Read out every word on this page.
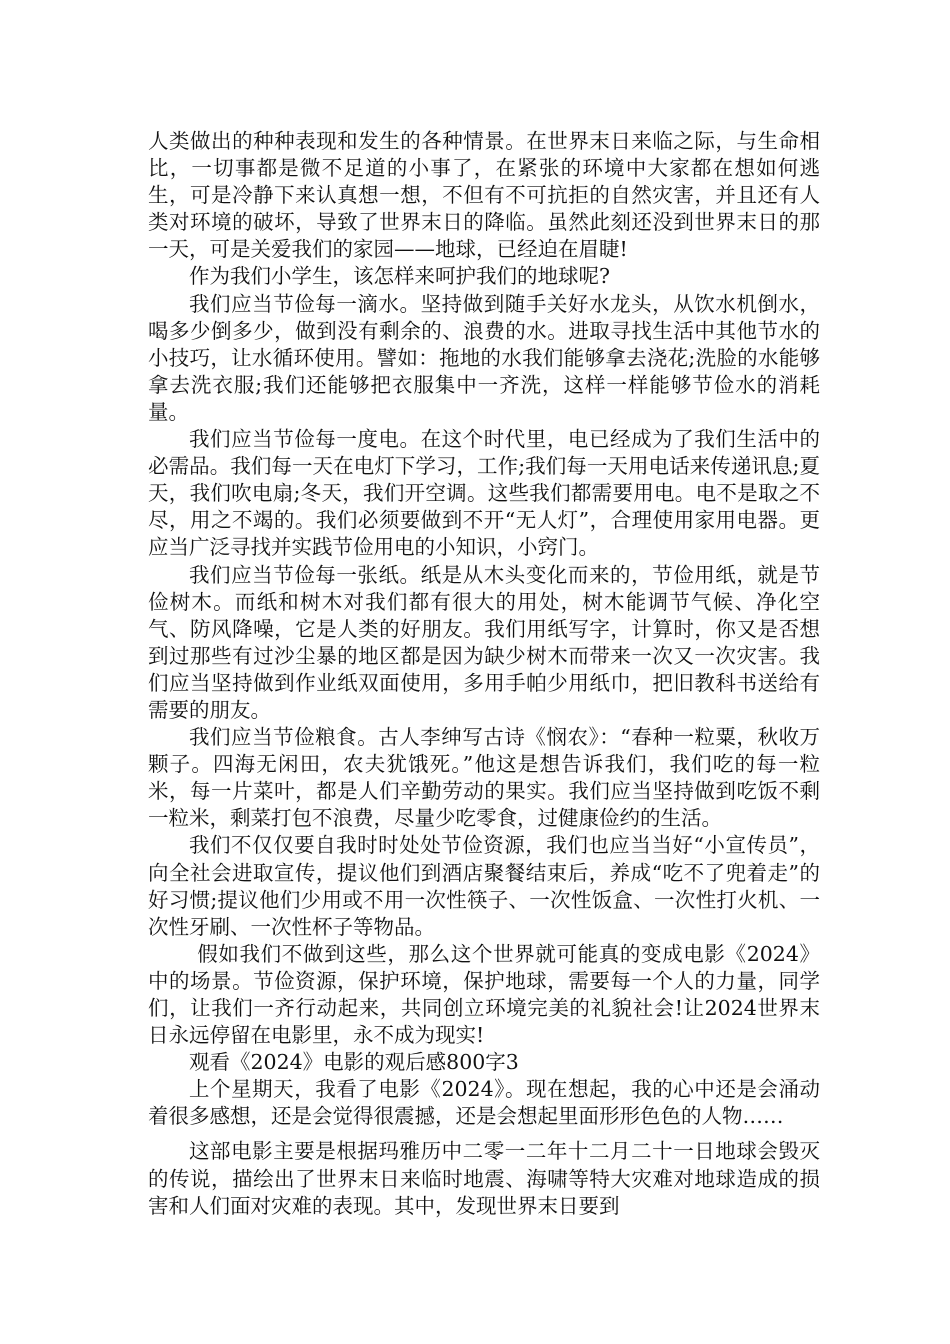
人类做出的种种表现和发生的各种情景。在世界末日来临之际，与生命相比，一切事都是微不足道的小事了，在紧张的环境中大家都在想如何逃生，可是冷静下来认真想一想，不但有不可抗拒的自然灾害，并且还有人类对环境的破坏，导致了世界末日的降临。虽然此刻还没到世界末日的那一天，可是关爱我们的家园——地球，已经迫在眉睫!

作为我们小学生，该怎样来呵护我们的地球呢?

我们应当节俭每一滴水。坚持做到随手关好水龙头，从饮水机倒水，喝多少倒多少，做到没有剩余的、浪费的水。进取寻找生活中其他节水的小技巧，让水循环使用。譬如：拖地的水我们能够拿去浇花;洗脸的水能够拿去洗衣服;我们还能够把衣服集中一齐洗，这样一样能够节俭水的消耗量。

我们应当节俭每一度电。在这个时代里，电已经成为了我们生活中的必需品。我们每一天在电灯下学习，工作;我们每一天用电话来传递讯息;夏天，我们吹电扇;冬天，我们开空调。这些我们都需要用电。电不是取之不尽，用之不竭的。我们必须要做到不开“无人灯”，合理使用家用电器。更应当广泛寻找并实践节俭用电的小知识，小窍门。

我们应当节俭每一张纸。纸是从木头变化而来的，节俭用纸，就是节俭树木。而纸和树木对我们都有很大的用处，树木能调节气候、净化空气、防风降噪，它是人类的好朋友。我们用纸写字，计算时，你又是否想到过那些有过沙尘暴的地区都是因为缺少树木而带来一次又一次灾害。我们应当坚持做到作业纸双面使用，多用手帕少用纸巾，把旧教科书送给有需要的朋友。

我们应当节俭粮食。古人李绅写古诗《悯农》：“春种一粒粟，秋收万颗子。四海无闲田，农夫犹饿死。”他这是想告诉我们，我们吃的每一粒米，每一片菜叶，都是人们辛勤劳动的果实。我们应当坚持做到吃饭不剩一粒米，剩菜打包不浪费，尽量少吃零食，过健康俭约的生活。

我们不仅仅要自我时时处处节俭资源，我们也应当当好“小宣传员”，向全社会进取宣传，提议他们到酒店聚餐结束后，养成“吃不了兜着走”的好习惯;提议他们少用或不用一次性筷子、一次性饭盒、一次性打火机、一次性牙刷、一次性杯子等物品。

假如我们不做到这些，那么这个世界就可能真的变成电影《2024》中的场景。节俭资源，保护环境，保护地球，需要每一个人的力量，同学们，让我们一齐行动起来，共同创立环境完美的礼貌社会!让2024世界末日永远停留在电影里，永不成为现实!

观看《2024》电影的观后感800字3

上个星期天，我看了电影《2024》。现在想起，我的心中还是会涌动着很多感想，还是会觉得很震撼，还是会想起里面形形色色的人物……

这部电影主要是根据玛雅历中二零一二年十二月二十一日地球会毁灭的传说，描绘出了世界末日来临时地震、海啸等特大灾难对地球造成的损害和人们面对灾难的表现。其中，发现世界末日要到
